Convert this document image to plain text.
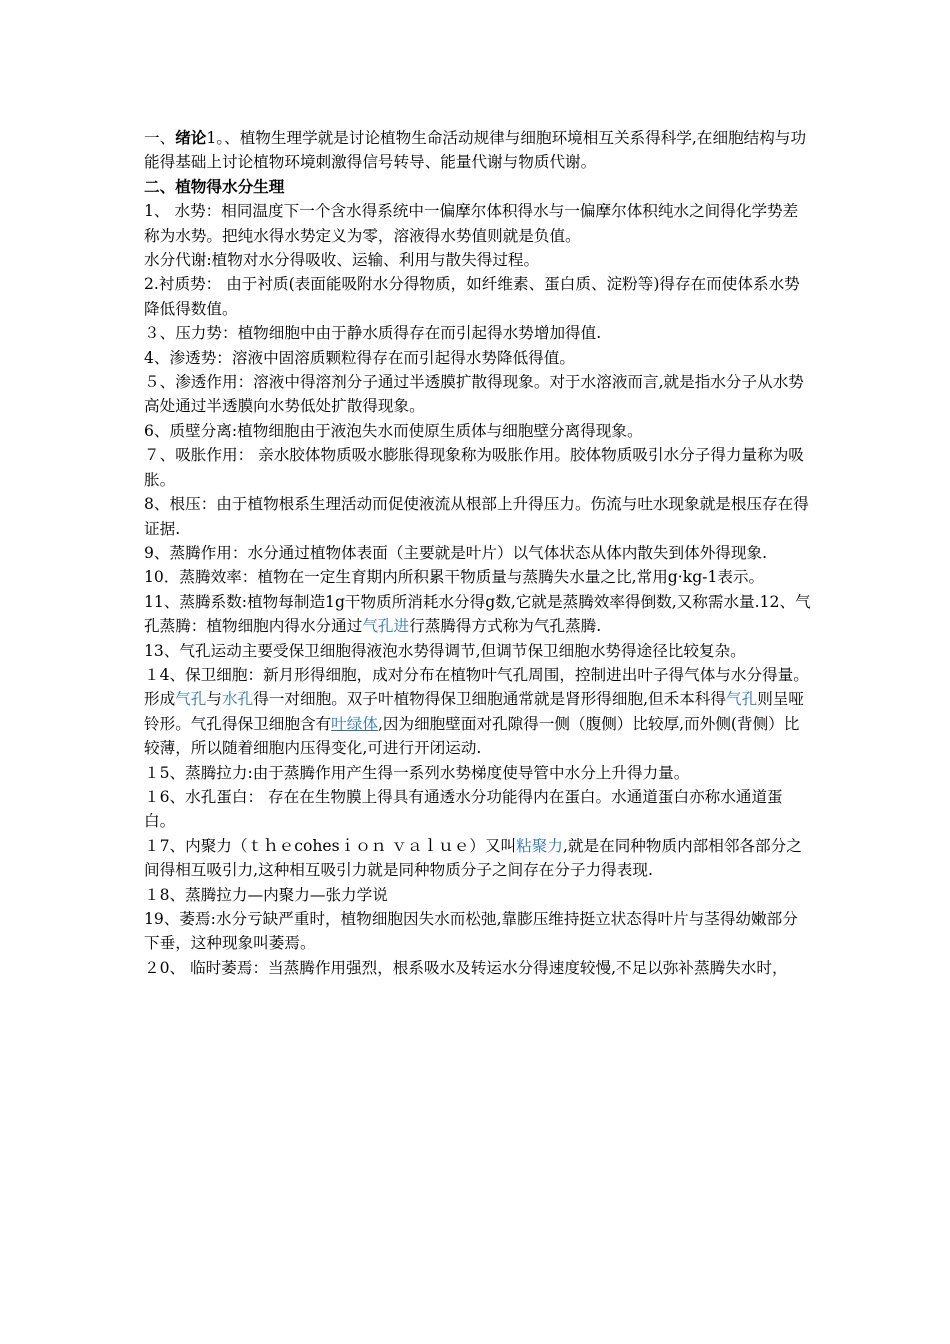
一、绪论1。、植物生理学就是讨论植物生命活动规律与细胞环境相互关系得科学,在细胞结构与功能得基础上讨论植物环境刺激得信号转导、能量代谢与物质代谢。

二、植物得水分生理

1、 水势：相同温度下一个含水得系统中一偏摩尔体积得水与一偏摩尔体积纯水之间得化学势差称为水势。把纯水得水势定义为零，溶液得水势值则就是负值。

水分代谢:植物对水分得吸收、运输、利用与散失得过程。

2.衬质势： 由于衬质(表面能吸附水分得物质，如纤维素、蛋白质、淀粉等)得存在而使体系水势降低得数值。

３、压力势：植物细胞中由于静水质得存在而引起得水势增加得值.

4、渗透势：溶液中固溶质颗粒得存在而引起得水势降低得值。

５、渗透作用：溶液中得溶剂分子通过半透膜扩散得现象。对于水溶液而言,就是指水分子从水势高处通过半透膜向水势低处扩散得现象。

6、质壁分离:植物细胞由于液泡失水而使原生质体与细胞壁分离得现象。

７、吸胀作用： 亲水胶体物质吸水膨胀得现象称为吸胀作用。胶体物质吸引水分子得力量称为吸胀。

8、根压：由于植物根系生理活动而促使液流从根部上升得压力。伤流与吐水现象就是根压存在得证据.

9、蒸腾作用：水分通过植物体表面（主要就是叶片）以气体状态从体内散失到体外得现象.

10．蒸腾效率：植物在一定生育期内所积累干物质量与蒸腾失水量之比,常用g·kg-1表示。

11、蒸腾系数:植物每制造1g干物质所消耗水分得g数,它就是蒸腾效率得倒数,又称需水量.12、气孔蒸腾：植物细胞内得水分通过气孔进行蒸腾得方式称为气孔蒸腾.

13、气孔运动主要受保卫细胞得液泡水势得调节,但调节保卫细胞水势得途径比较复杂。

１4、保卫细胞：新月形得细胞，成对分布在植物叶气孔周围，控制进出叶子得气体与水分得量。 形成气孔与水孔得一对细胞。双子叶植物得保卫细胞通常就是肾形得细胞,但禾本科得气孔则呈哑铃形。气孔得保卫细胞含有叶绿体,因为细胞壁面对孔隙得一侧（腹侧）比较厚,而外侧(背侧）比较薄，所以随着细胞内压得变化,可进行开闭运动.

１5、蒸腾拉力:由于蒸腾作用产生得一系列水势梯度使导管中水分上升得力量。

１6、水孔蛋白： 存在在生物膜上得具有通透水分功能得内在蛋白。水通道蛋白亦称水通道蛋白。

１7、内聚力（ｔｈｅcohesｉｏｎ ｖａｌｕｅ）又叫粘聚力,就是在同种物质内部相邻各部分之间得相互吸引力,这种相互吸引力就是同种物质分子之间存在分子力得表现.

１8、蒸腾拉力—内聚力—张力学说

19、萎焉:水分亏缺严重时，植物细胞因失水而松弛,靠膨压维持挺立状态得叶片与茎得幼嫩部分下垂，这种现象叫萎焉。

２0、 临时萎焉：当蒸腾作用强烈，根系吸水及转运水分得速度较慢,不足以弥补蒸腾失水时，
